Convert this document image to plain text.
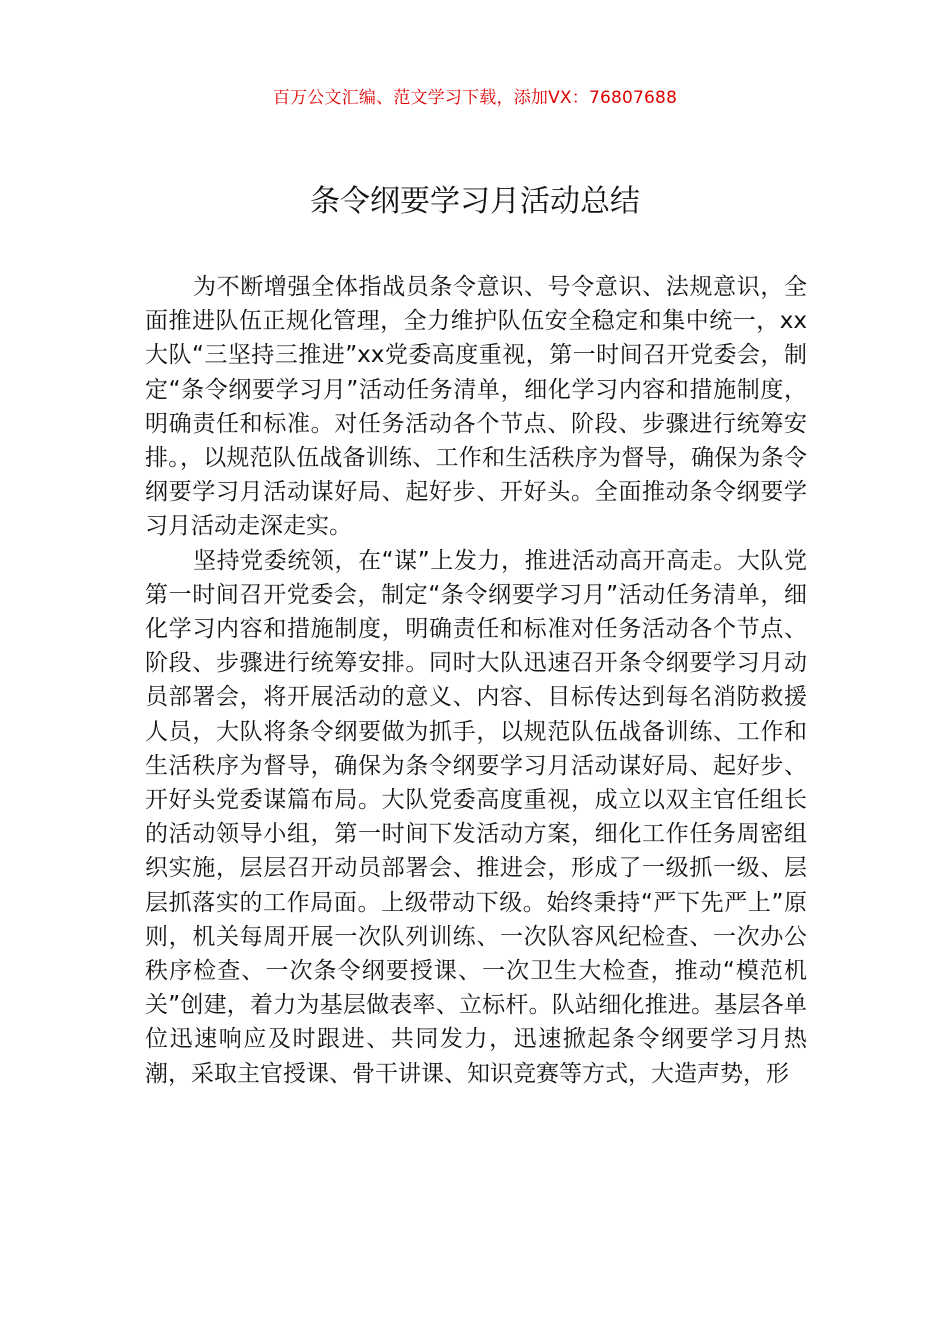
百万公文汇编、范文学习下载，添加VX：76807688
条令纲要学习月活动总结

为不断增强全体指战员条令意识、号令意识、法规意识，全面推进队伍正规化管理，全力维护队伍安全稳定和集中统一，xx大队“三坚持三推进”xx党委高度重视，第一时间召开党委会，制定“条令纲要学习月”活动任务清单，细化学习内容和措施制度，明确责任和标准。对任务活动各个节点、阶段、步骤进行统筹安排。，以规范队伍战备训练、工作和生活秩序为督导，确保为条令纲要学习月活动谋好局、起好步、开好头。全面推动条令纲要学习月活动走深走实。

坚持党委统领，在“谋”上发力，推进活动高开高走。大队党第一时间召开党委会，制定“条令纲要学习月”活动任务清单，细化学习内容和措施制度，明确责任和标准对任务活动各个节点、阶段、步骤进行统筹安排。同时大队迅速召开条令纲要学习月动员部署会，将开展活动的意义、内容、目标传达到每名消防救援人员，大队将条令纲要做为抓手，以规范队伍战备训练、工作和生活秩序为督导，确保为条令纲要学习月活动谋好局、起好步、开好头党委谋篇布局。大队党委高度重视，成立以双主官任组长的活动领导小组，第一时间下发活动方案，细化工作任务周密组织实施，层层召开动员部署会、推进会，形成了一级抓一级、层层抓落实的工作局面。上级带动下级。始终秉持“严下先严上”原则，机关每周开展一次队列训练、一次队容风纪检查、一次办公秩序检查、一次条令纲要授课、一次卫生大检查，推动“模范机关”创建，着力为基层做表率、立标杆。队站细化推进。基层各单位迅速响应及时跟进、共同发力，迅速掀起条令纲要学习月热潮，采取主官授课、骨干讲课、知识竞赛等方式，大造声势，形
